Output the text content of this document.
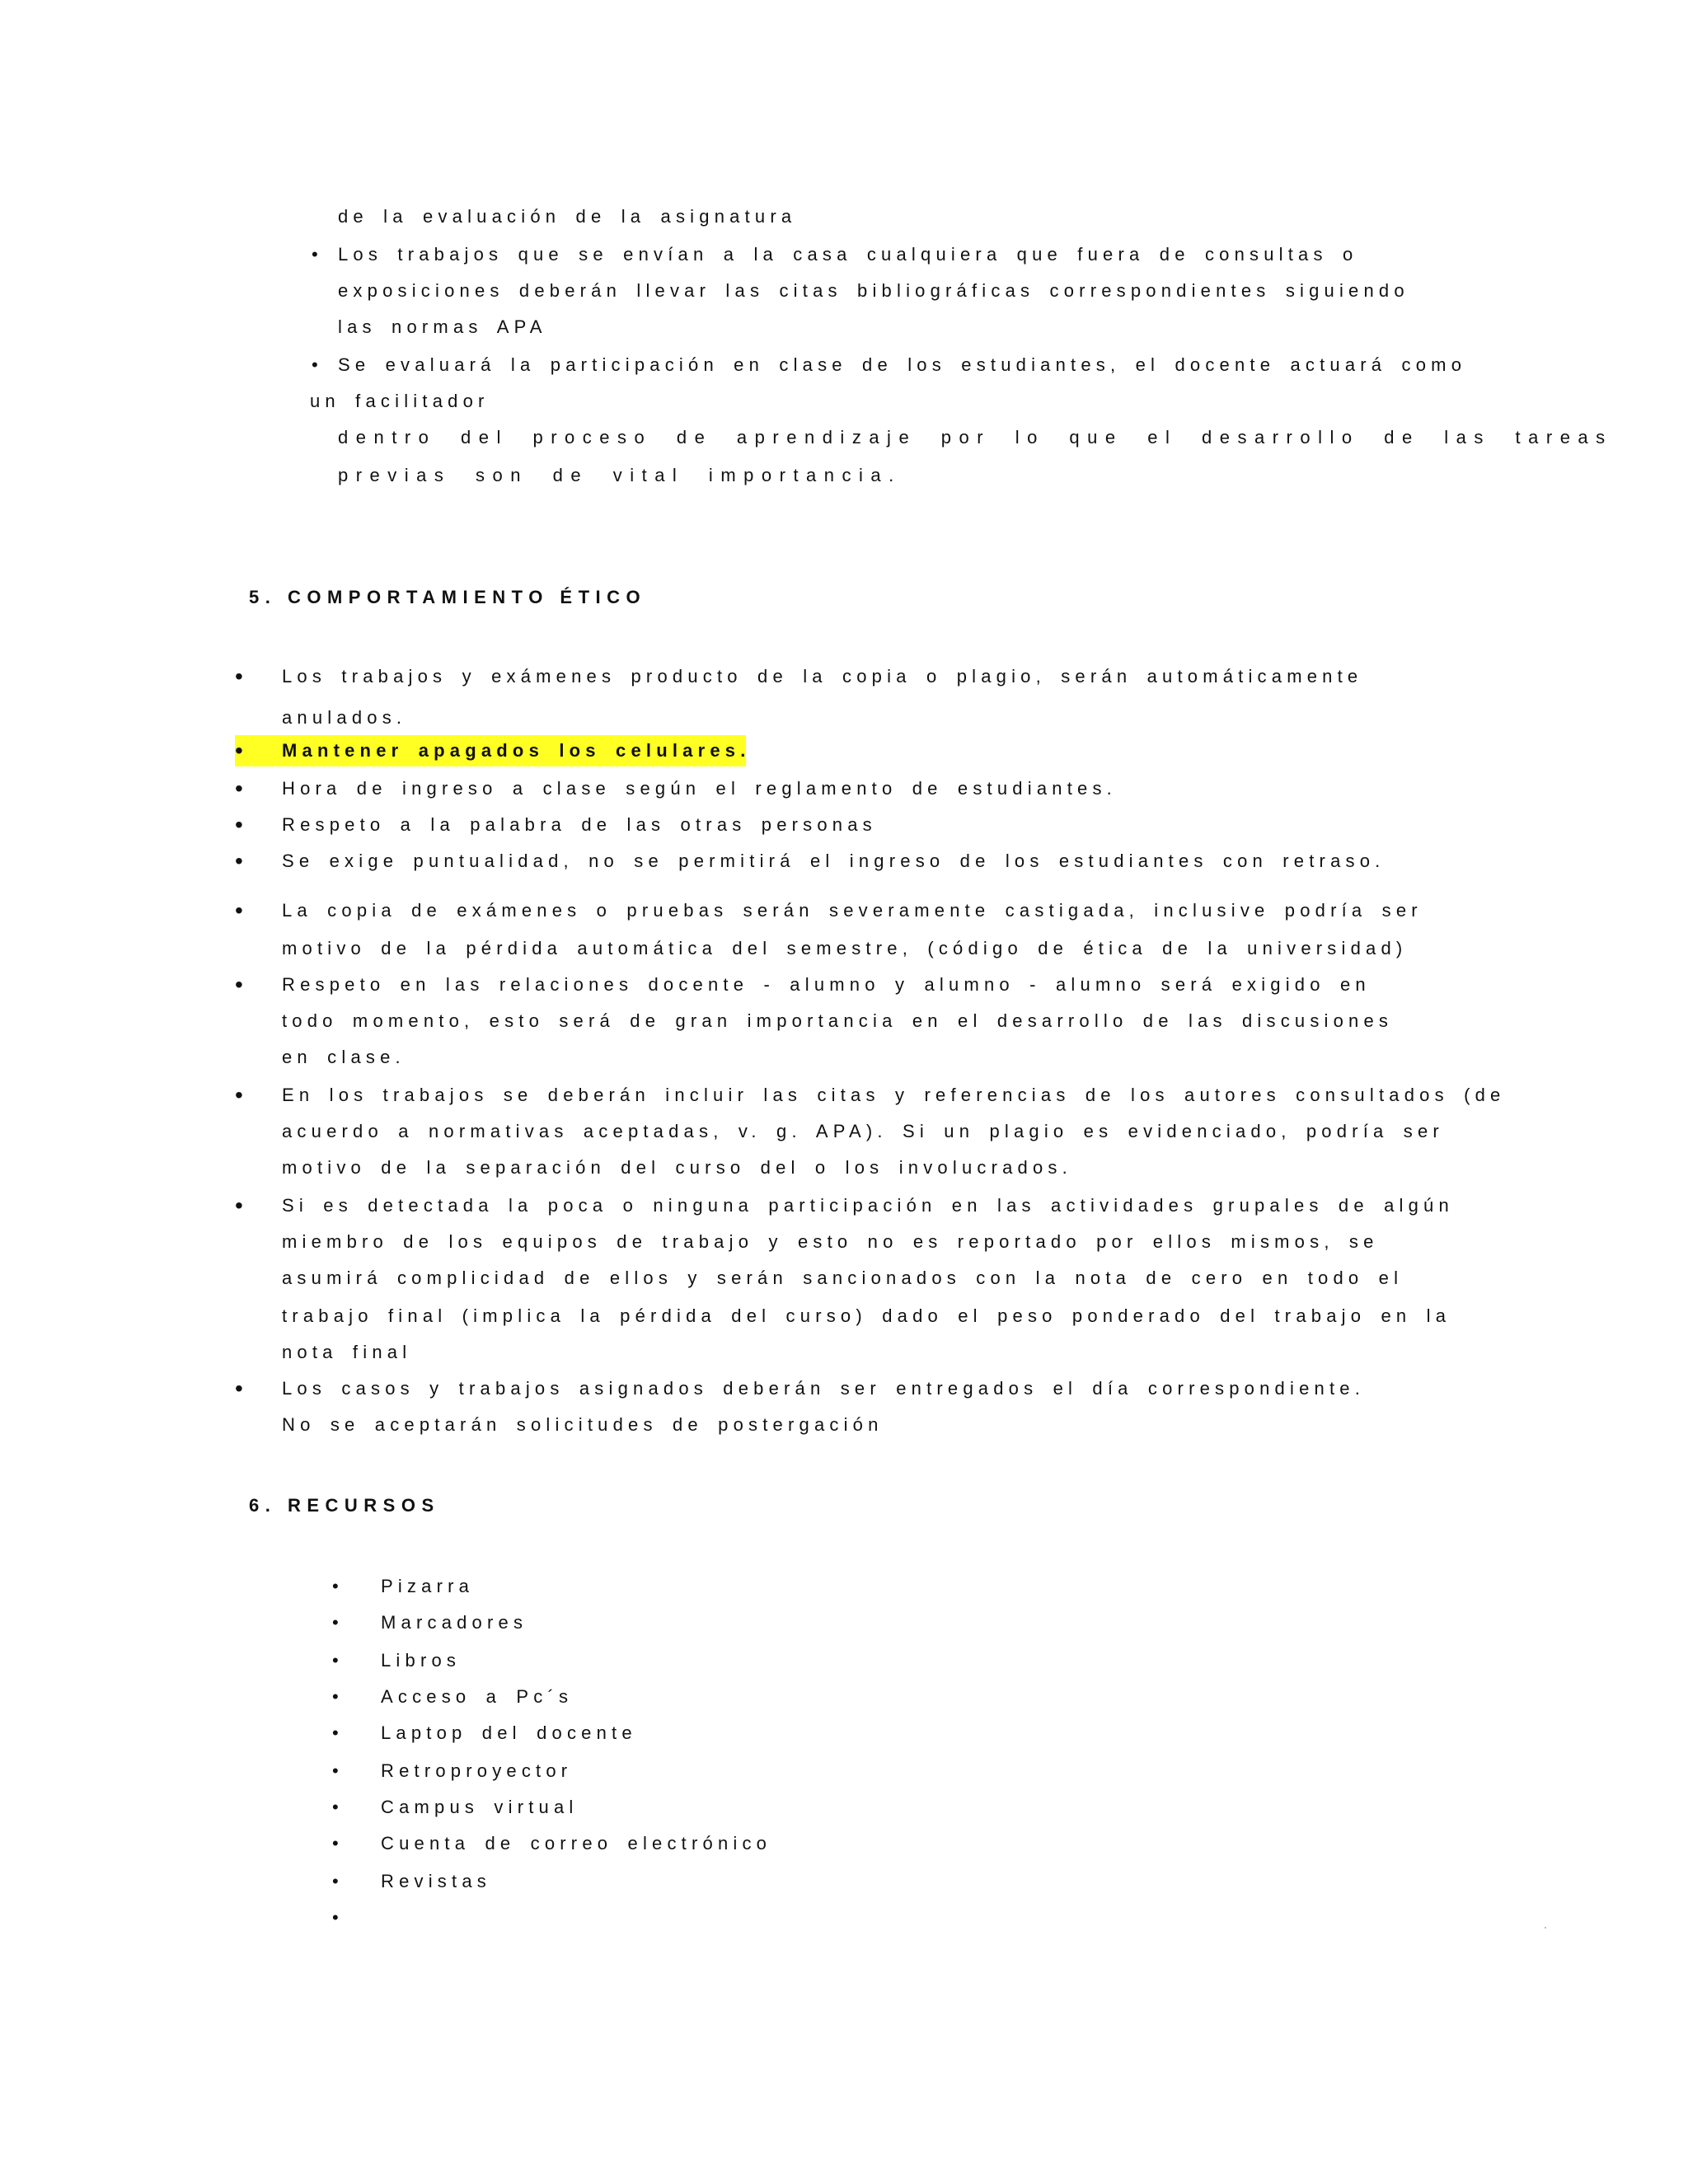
de la evaluación de la asignatura
• Los trabajos que se envían a la casa cualquiera que fuera de consultas o
exposiciones deberán llevar las citas bibliográficas correspondientes siguiendo
las normas APA
• Se evaluará la participación en clase de los estudiantes, el docente actuará como
un facilitador
dentro del proceso de aprendizaje por lo que el desarrollo de las tareas
previas son de vital importancia.
5. COMPORTAMIENTO ÉTICO
• Los trabajos y exámenes producto de la copia o plagio, serán automáticamente
anulados.
• Mantener apagados los celulares.
• Hora de ingreso a clase según el reglamento de estudiantes.
• Respeto a la palabra de las otras personas
• Se exige puntualidad, no se permitirá el ingreso de los estudiantes con retraso.
• La copia de exámenes o pruebas serán severamente castigada, inclusive podría ser
motivo de la pérdida automática del semestre, (código de ética de la universidad)
• Respeto en las relaciones docente - alumno y alumno - alumno será exigido en
todo momento, esto será de gran importancia en el desarrollo de las discusiones
en clase.
• En los trabajos se deberán incluir las citas y referencias de los autores consultados (de
acuerdo a normativas aceptadas, v. g. APA). Si un plagio es evidenciado, podría ser
motivo de la separación del curso del o los involucrados.
• Si es detectada la poca o ninguna participación en las actividades grupales de algún
miembro de los equipos de trabajo y esto no es reportado por ellos mismos, se
asumirá complicidad de ellos y serán sancionados con la nota de cero en todo el
trabajo final (implica la pérdida del curso) dado el peso ponderado del trabajo en la
nota final
• Los casos y trabajos asignados deberán ser entregados el día correspondiente.
No se aceptarán solicitudes de postergación
6. RECURSOS
• Pizarra
• Marcadores
• Libros
• Acceso a Pc´s
• Laptop del docente
• Retroproyector
• Campus virtual
• Cuenta de correo electrónico
• Revistas
•
